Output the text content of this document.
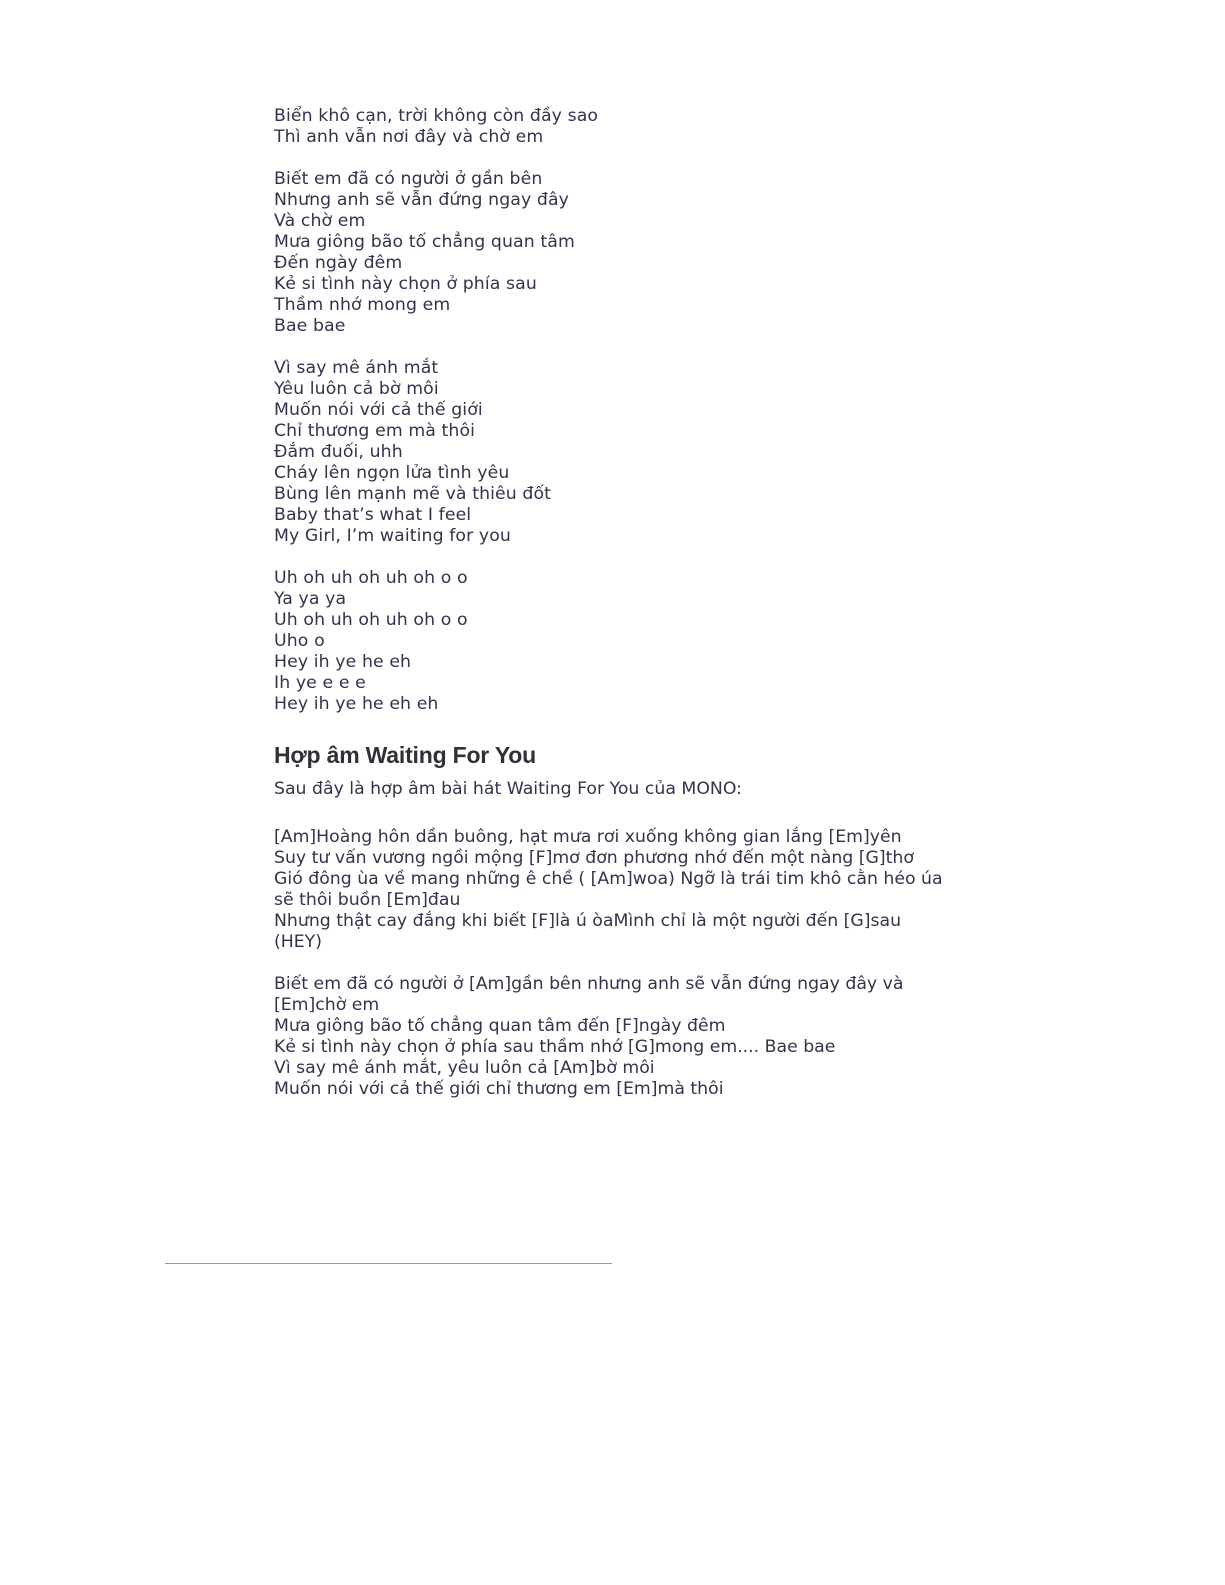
Biển khô cạn, trời không còn đầy sao
Thì anh vẫn nơi đây và chờ em
Biết em đã có người ở gần bên
Nhưng anh sẽ vẫn đứng ngay đây
Và chờ em
Mưa giông bão tố chẳng quan tâm
Đến ngày đêm
Kẻ si tình này chọn ở phía sau
Thầm nhớ mong em
Bae bae
Vì say mê ánh mắt
Yêu luôn cả bờ môi
Muốn nói với cả thế giới
Chỉ thương em mà thôi
Đắm đuối, uhh
Cháy lên ngọn lửa tình yêu
Bùng lên mạnh mẽ và thiêu đốt
Baby that’s what I feel
My Girl, I’m waiting for you
Uh oh uh oh uh oh o o
Ya ya ya
Uh oh uh oh uh oh o o
Uho o
Hey ih ye he eh
Ih ye e e e
Hey ih ye he eh eh
Hợp âm Waiting For You
Sau đây là hợp âm bài hát Waiting For You của MONO:
[Am]Hoàng hôn dần buông, hạt mưa rơi xuống không gian lắng [Em]yên
Suy tư vấn vương ngồi mộng [F]mơ đơn phương nhớ đến một nàng [G]thơ
Gió đông ùa về mang những ê chề ( [Am]woa) Ngỡ là trái tim khô cằn héo úa sẽ thôi buồn [Em]đau
Nhưng thật cay đắng khi biết [F]là ú òaMình chỉ là một người đến [G]sau (HEY)
Biết em đã có người ở [Am]gần bên nhưng anh sẽ vẫn đứng ngay đây và [Em]chờ em
Mưa giông bão tố chẳng quan tâm đến [F]ngày đêm
Kẻ si tình này chọn ở phía sau thầm nhớ [G]mong em.... Bae bae
Vì say mê ánh mắt, yêu luôn cả [Am]bờ môi
Muốn nói với cả thế giới chỉ thương em [Em]mà thôi
